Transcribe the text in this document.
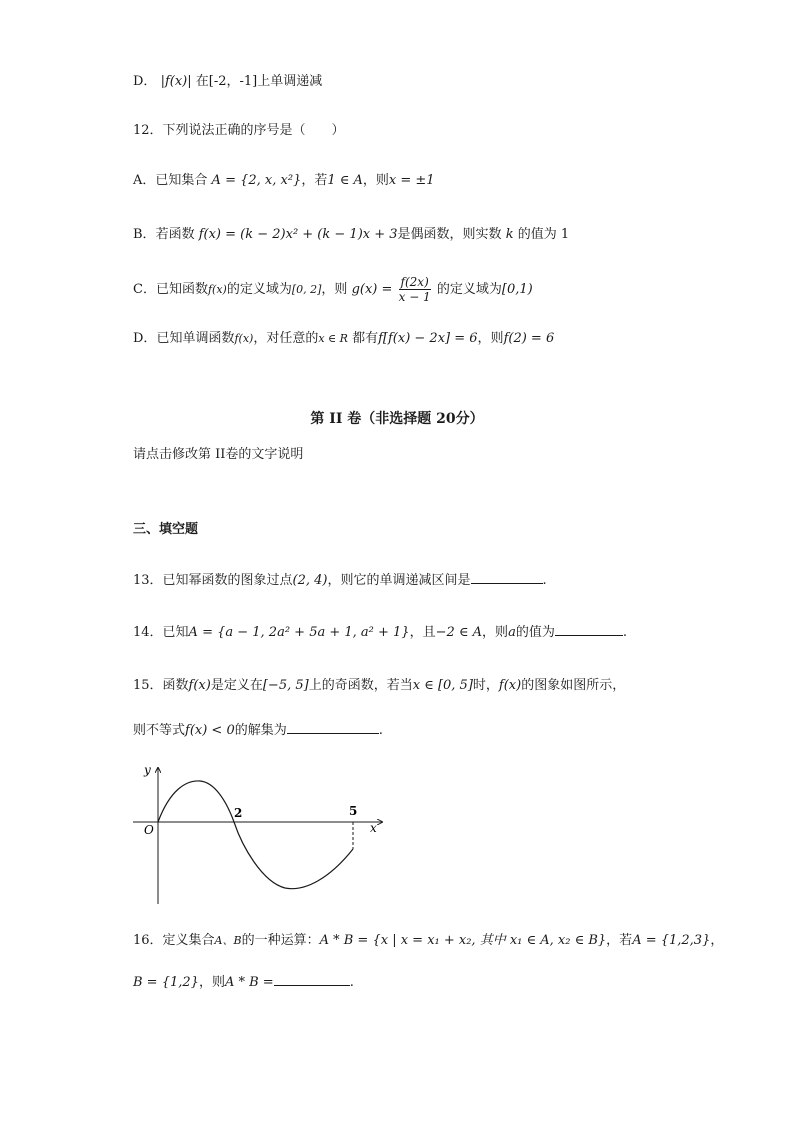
D． |f(x)| 在[-2，-1]上单调递减
12．下列说法正确的序号是（　　）
A．已知集合 A = {2, x, x²}，若1 ∈ A，则x = ±1
B．若函数 f(x) = (k − 2)x² + (k − 1)x + 3是偶函数，则实数 k 的值为 1
C．已知函数f(x)的定义域为[0, 2]，则 $g(x) = \frac{f(2x)}{x - 1}$ 的定义域为[0,1)
D．已知单调函数f(x)，对任意的x ∈ R 都有f[f(x) − 2x] = 6，则f(2) = 6
第 II 卷（非选择题 20分）
请点击修改第 II卷的文字说明
三、填空题
13．已知幂函数的图象过点(2, 4)，则它的单调递减区间是	.
14．已知A = {a − 1, 2a² + 5a + 1, a² + 1}，且−2 ∈ A，则a的值为	.
15．函数f(x)是定义在[−5, 5]上的奇函数，若当x ∈ [0, 5]时，f(x)的图象如图所示，
则不等式f(x) < 0的解集为	.
y
x
O
2	5
16．定义集合A、B的一种运算：A * B = {x | x = x₁ + x₂, 其中 x₁ ∈ A, x₂ ∈ B}，若A = {1,2,3}，
B = {1,2}，则A * B =	.
